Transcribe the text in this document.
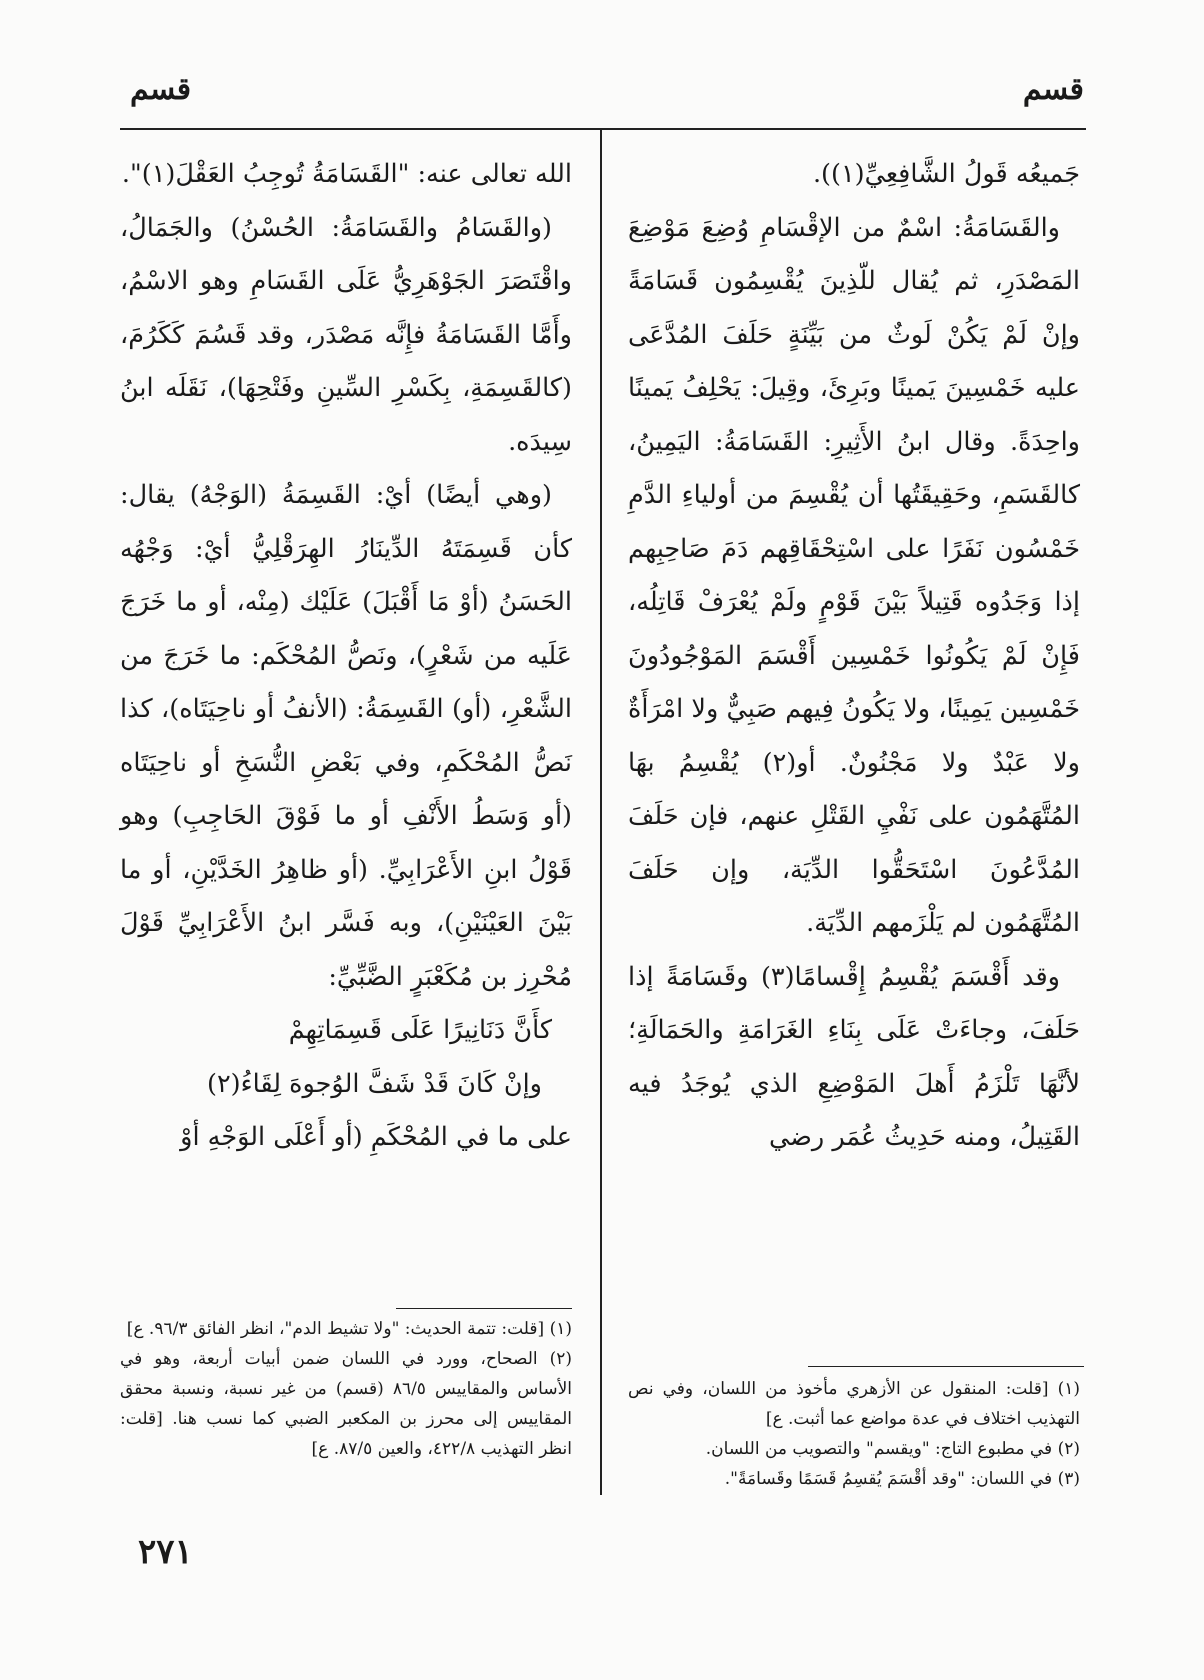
قسم
قسم

جَميعُه قَولُ الشَّافِعِيِّ(١)).

والقَسَامَةُ: اسْمٌ من الإقْسَامِ وُضِعَ مَوْضِعَ المَصْدَرِ، ثم يُقال للّذِينَ يُقْسِمُون قَسَامَةً وإنْ لَمْ يَكُنْ لَوثٌ من بَيِّنَةٍ حَلَفَ المُدَّعَى عليه خَمْسِينَ يَمينًا وبَرِئَ، وقِيلَ: يَحْلِفُ يَمينًا واحِدَةً. وقال ابنُ الأَثِيرِ: القَسَامَةُ: اليَمِينُ، كالقَسَمِ، وحَقِيقَتُها أن يُقْسِمَ من أولياءِ الدَّمِ خَمْسُون نَفَرًا على اسْتِحْقَاقِهم دَمَ صَاحِبِهم إذا وَجَدُوه قَتِيلاً بَيْنَ قَوْمٍ ولَمْ يُعْرَفْ قَاتِلُه، فَإِنْ لَمْ يَكُونُوا خَمْسِين أَقْسَمَ المَوْجُودُونَ خَمْسِين يَمِينًا، ولا يَكُونُ فِيهم صَبِيٌّ ولا امْرَأَةٌ ولا عَبْدٌ ولا مَجْنُونٌ. أو(٢) يُقْسِمُ بهَا المُتَّهَمُون على نَفْيِ القَتْلِ عنهم، فإن حَلَفَ المُدَّعُونَ اسْتَحَقُّوا الدِّيَة، وإن حَلَفَ المُتَّهَمُون لم يَلْزَمهم الدِّيَة.

وقد أَقْسَمَ يُقْسِمُ إِقْسامًا(٣) وقَسَامَةً إذا حَلَفَ، وجاءَتْ عَلَى بِنَاءِ الغَرَامَةِ والحَمَالَةِ؛ لأنَّهَا تَلْزَمُ أَهلَ المَوْضِعِ الذي يُوجَدُ فيه القَتِيلُ، ومنه حَدِيثُ عُمَر رضي

(١) [قلت: المنقول عن الأزهري مأخوذ من اللسان، وفي نص التهذيب اختلاف في عدة مواضع عما أثبت. ع]

(٢) في مطبوع التاج: "ويقسم" والتصويب من اللسان.

(٣) في اللسان: "وقد أقْسَمَ يُقسِمُ قَسَمًا وقَسامَةً".

الله تعالى عنه: "القَسَامَةُ تُوجِبُ العَقْلَ(١)".

(والقَسَامُ والقَسَامَةُ: الحُسْنُ) والجَمَالُ، واقْتَصَرَ الجَوْهَرِيُّ عَلَى القَسَامِ وهو الاسْمُ، وأَمَّا القَسَامَةُ فإِنَّه مَصْدَر، وقد قَسُمَ كَكَرُمَ، (كالقَسِمَةِ، بِكَسْرِ السِّينِ وفَتْحِهَا)، نَقَلَه ابنُ سِيدَه.

(وهي أيضًا) أيْ: القَسِمَةُ (الوَجْهُ) يقال: كأن قَسِمَتَهُ الدِّينَارُ الهِرَقْلِيُّ أيْ: وَجْهُه الحَسَنُ (أوْ مَا أَقْبَلَ) عَلَيْك (مِنْه، أو ما خَرَجَ عَلَيه من شَعْرٍ)، ونَصُّ المُحْكَم: ما خَرَجَ من الشَّعْرِ، (أو) القَسِمَةُ: (الأنفُ أو ناحِيَتَاه)، كذا نَصُّ المُحْكَمِ، وفي بَعْضِ النُّسَخِ أو ناحِيَتَاه (أو وَسَطُ الأَنْفِ أو ما فَوْقَ الحَاجِبِ) وهو قَوْلُ ابنِ الأَعْرَابِيِّ. (أو ظاهِرُ الخَدَّيْنِ، أو ما بَيْنَ العَيْنَيْنِ)، وبه فَسَّر ابنُ الأَعْرَابِيِّ قَوْلَ مُحْرِز بن مُكَعْبَرٍ الضَّبِّيِّ:

كأَنَّ دَنَانِيرًا عَلَى قَسِمَاتِهِمْ

وإنْ كَانَ قَدْ شَفَّ الوُجوهَ لِقَاءُ(٢)

على ما في المُحْكَمِ (أو أَعْلَى الوَجْهِ أوْ

(١) [قلت: تتمة الحديث: "ولا تشيط الدم"، انظر الفائق ٩٦/٣. ع]

(٢) الصحاح، وورد في اللسان ضمن أبيات أربعة، وهو في الأساس والمقاييس ٨٦/٥ (قسم) من غير نسبة، ونسبة محقق المقاييس إلى محرز بن المكعبر الضبي كما نسب هنا. [قلت: انظر التهذيب ٤٢٢/٨، والعين ٨٧/٥. ع]

٢٧١
